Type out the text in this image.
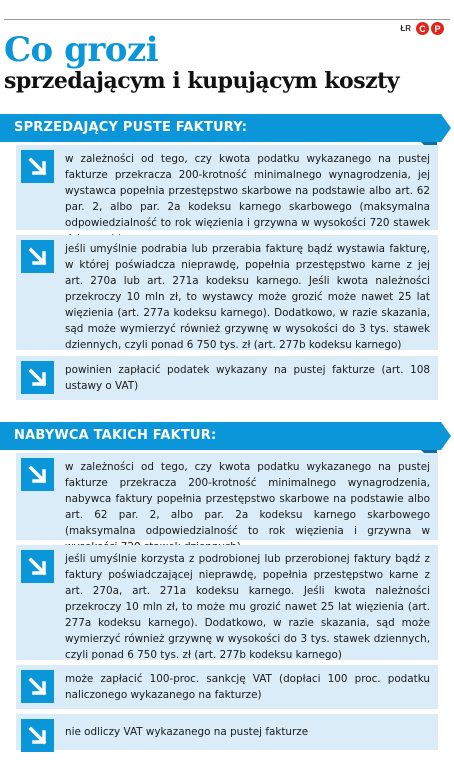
ŁR C P
Co grozi
sprzedającym i kupującym koszty
SPRZEDAJĄCY PUSTE FAKTURY:
w zależności od tego, czy kwota podatku wykazanego na pustej fakturze przekracza 200-krotność minimalnego wynagrodzenia, jej wystawca popełnia przestępstwo skarbowe na podstawie albo art. 62 par. 2, albo par. 2a kodeksu karnego skarbowego (maksymalna odpowiedzialność to rok więzienia i grzywna w wysokości 720 stawek
jeśli umyślnie podrabia lub przerabia fakturę bądź wystawia fakturę, w której poświadcza nieprawdę, popełnia przestępstwo karne z jej art. 270a lub art. 271a kodeksu karnego. Jeśli kwota należności przekroczy 10 mln zł, to wystawcy może grozić może nawet 25 lat więzienia (art. 277a kodeksu karnego). Dodatkowo, w razie skazania, sąd może wymierzyć również grzywnę w wysokości do 3 tys. stawek dziennych, czyli ponad 6 750 tys. zł (art. 277b kodeksu karnego)
powinien zapłacić podatek wykazany na pustej fakturze (art. 108 ustawy o VAT)
NABYWCA TAKICH FAKTUR:
w zależności od tego, czy kwota podatku wykazanego na pustej fakturze przekracza 200-krotność minimalnego wynagrodzenia, nabywca faktury popełnia przestępstwo skarbowe na podstawie albo art. 62 par. 2, albo par. 2a kodeksu karnego skarbowego (maksymalna odpowiedzialność to rok więzienia i grzywna w
jeśli umyślnie korzysta z podrobionej lub przerobionej faktury bądź z faktury poświadczającej nieprawdę, popełnia przestępstwo karne z art. 270a, art. 271a kodeksu karnego. Jeśli kwota należności przekroczy 10 mln zł, to może mu grozić nawet 25 lat więzienia (art. 277a kodeksu karnego). Dodatkowo, w razie skazania, sąd może wymierzyć również grzywnę w wysokości do 3 tys. stawek dziennych, czyli ponad 6 750 tys. zł (art. 277b kodeksu karnego)
może zapłacić 100-proc. sankcję VAT (dopłaci 100 proc. podatku naliczonego wykazanego na fakturze)
nie odliczy VAT wykazanego na pustej fakturze
